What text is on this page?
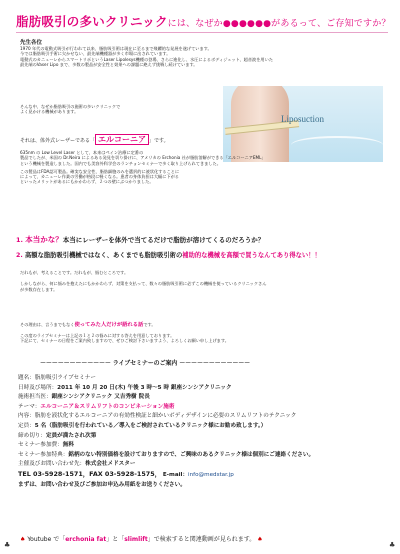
脂肪吸引の多いクリニックには、なぜか●●●●●●があるって、ご存知ですか？
先生各位
1970 年代の電動式吸引が行われて以来、脂肪吸引術は現在に至るまで飛躍的な発展を遂げています。
今では脂肪吸引手術に欠かせない、最先端機種器が多く市場に出されています。
電動式のカニューレからスマートリポというLaser Lipolesys機種の登場、さらに進化し、水圧によるボディジェット、超音波を用いた
最先端のVaser Lipo まで、多数の製品が安全性と効果への課題に絶えず挑戦し続けています。
Liposuction
そんな中、なぜか脂肪吸引の施術の多いクリニックで
よく見かける機械があります。
それは、体外式レーザーである「 エルコーニア 」です。
635nm の Low Level Laser として、本来はペイン治療に定番の
製品でしたが、米国の Dr.Neira によるある発見を切り掛けに、アメリカの Erchonia 社が脂肪溶解ができる「エルコーニアEML」
という機械を製造しました。国内でも美容外科学会のランチョンセミナーで多く取り上げられてきました。
この製品はFDA認可製品。確実な安全性、脂肪細胞のみを選択的に液状化することに
によって、カニューレ作業の労働が格段に軽くなる。患者の身体負担は大幅に下がる
といったメリットがあるにもかかわらず、２つの壁にぶつかりました。
1. 本当かな？本当にレーザーを体外で当てるだけで脂肪が溶けてくるのだろうか？
2. 高額な脂肪吸引機械ではなく、あくまでも脂肪吸引術の補助的な機械を高額で買うなんてあり得ない！！
だれもが、考えることです。だれもが、悩むところです。
しかしながら、何に悩みを抱えたにもかかわらず、対策を支払って、数々の脂肪吸引術に必ずこの機械を使っているクリニックさん
が多数存在します。
その理由は、言うまでもなく使ってみた人だけが語れる話です。
この度のライブセミナーは上記の１と２の悩みに対する答えを用意しております。
下記にて、セミナーの日程をご案内致しますので、ぜひご検討下さいますよう、よろしくお願い申し上げます。
－－－－－－－－－－－－ ライブセミナーのご案内 －－－－－－－－－－－－
題名：脂肪吸引ライブセミナー
日時及び場所：2011 年 10 月 20 日(木) 午後 3 時～5 時 銀座シンシアクリニック
施術担当医：銀座シンシアクリニック 又吉秀樹 院長
テーマ：エルコーニア＆スリムリフトのコンビネーション施術
内容：脂肪を液状化するエルコーニアの有効性検証と細かいボディデザインに必要のスリムリフトのテクニック
定員：5 名（脂肪吸引を行われている／導入をご検討されているクリニック様にお勧め致します。）
締め切り：定員が満たされ次第
セミナー参加費：無料
セミナー参加特典：銘柄のない特別価格を設けておりますので、ご興味のあるクリニック様は個別にご連絡ください。
主催及びお問い合わせ先：株式会社メドスター
TEL 03-5928-1571，FAX 03-5928-1575， E-mail：info@medstar.jp
まずは、お問い合わせ及びご参加お申込み用紙をお送りください。
♠ Youtube で「erchonia fat」と「slimlift」で検索すると関連動画が見られます。 ♠
♣	♣
